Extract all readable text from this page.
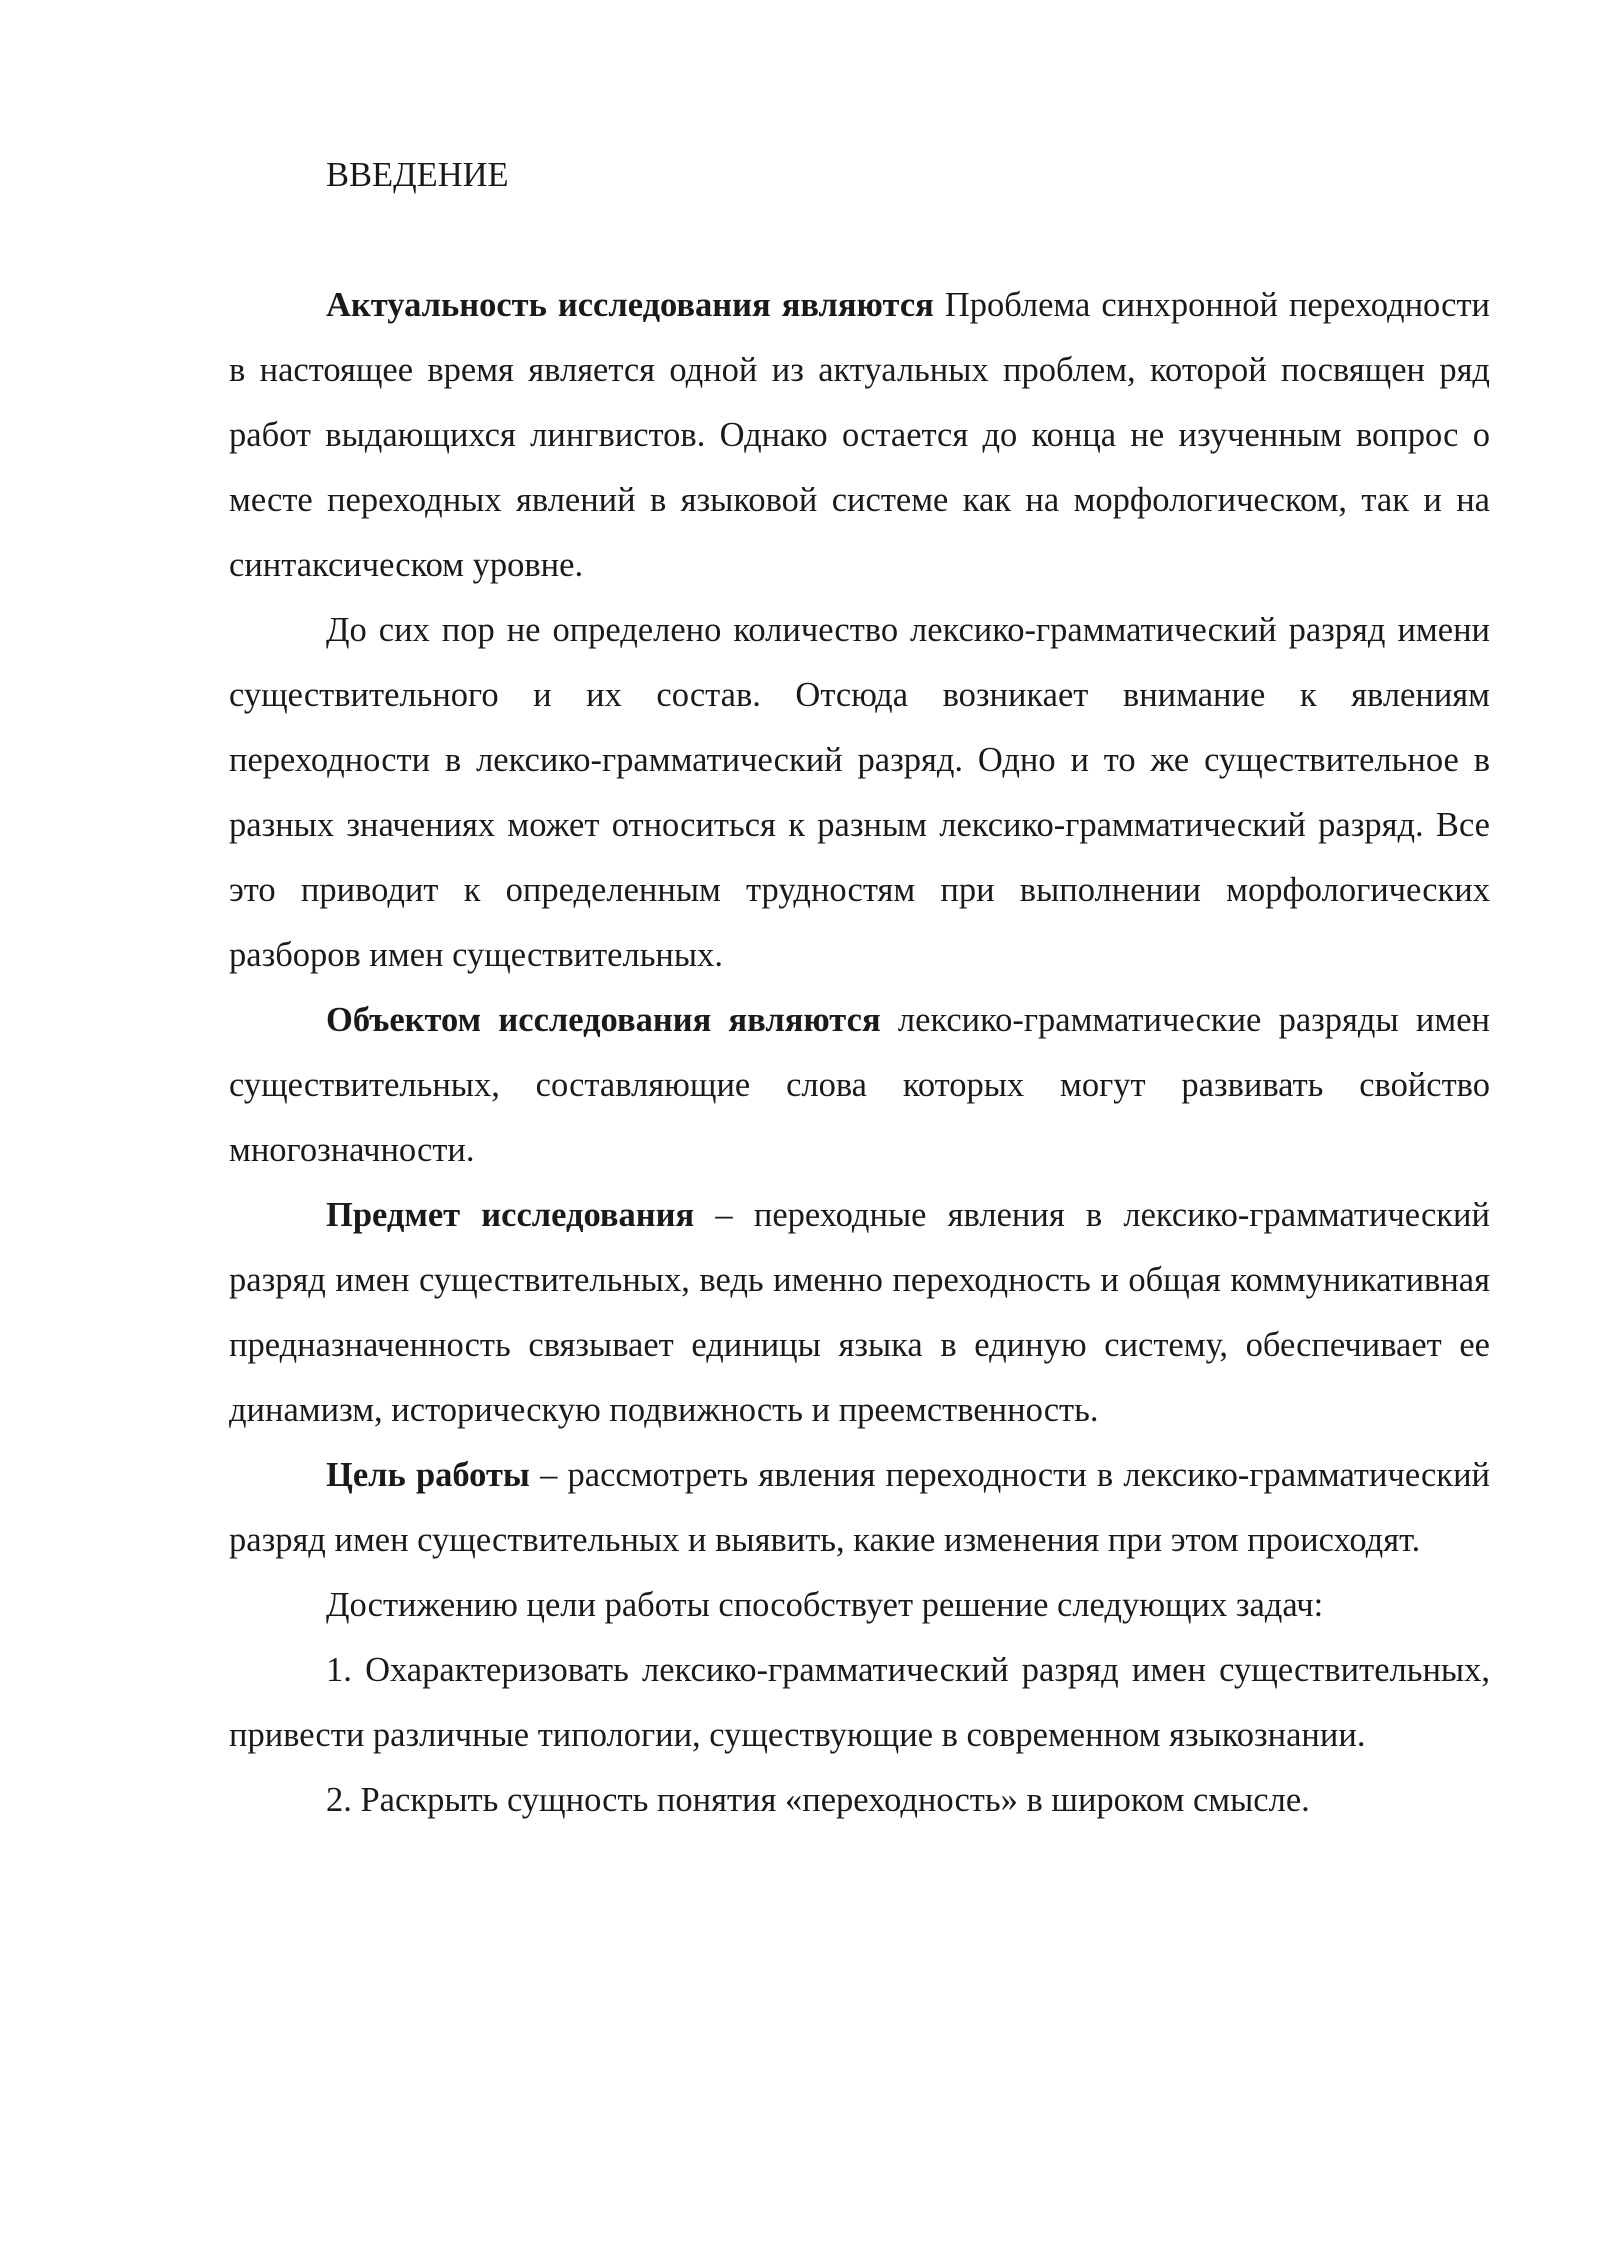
ВВЕДЕНИЕ

Актуальность исследования являются Проблема синхронной переходности в настоящее время является одной из актуальных проблем, которой посвящен ряд работ выдающихся лингвистов. Однако остается до конца не изученным вопрос о месте переходных явлений в языковой системе как на морфологическом, так и на синтаксическом уровне.

До сих пор не определено количество лексико-грамматический разряд имени существительного и их состав. Отсюда возникает внимание к явлениям переходности в лексико-грамматический разряд. Одно и то же существительное в разных значениях может относиться к разным лексико-грамматический разряд. Все это приводит к определенным трудностям при выполнении морфологических разборов имен существительных.

Объектом исследования являются лексико-грамматические разряды имен существительных, составляющие слова которых могут развивать свойство многозначности.

Предмет исследования – переходные явления в лексико-грамматический разряд имен существительных, ведь именно переходность и общая коммуникативная предназначенность связывает единицы языка в единую систему, обеспечивает ее динамизм, историческую подвижность и преемственность.

Цель работы – рассмотреть явления переходности в лексико-грамматический разряд имен существительных и выявить, какие изменения при этом происходят.

Достижению цели работы способствует решение следующих задач:

1. Охарактеризовать лексико-грамматический разряд имен существительных, привести различные типологии, существующие в современном языкознании.

2. Раскрыть сущность понятия «переходность» в широком смысле.
